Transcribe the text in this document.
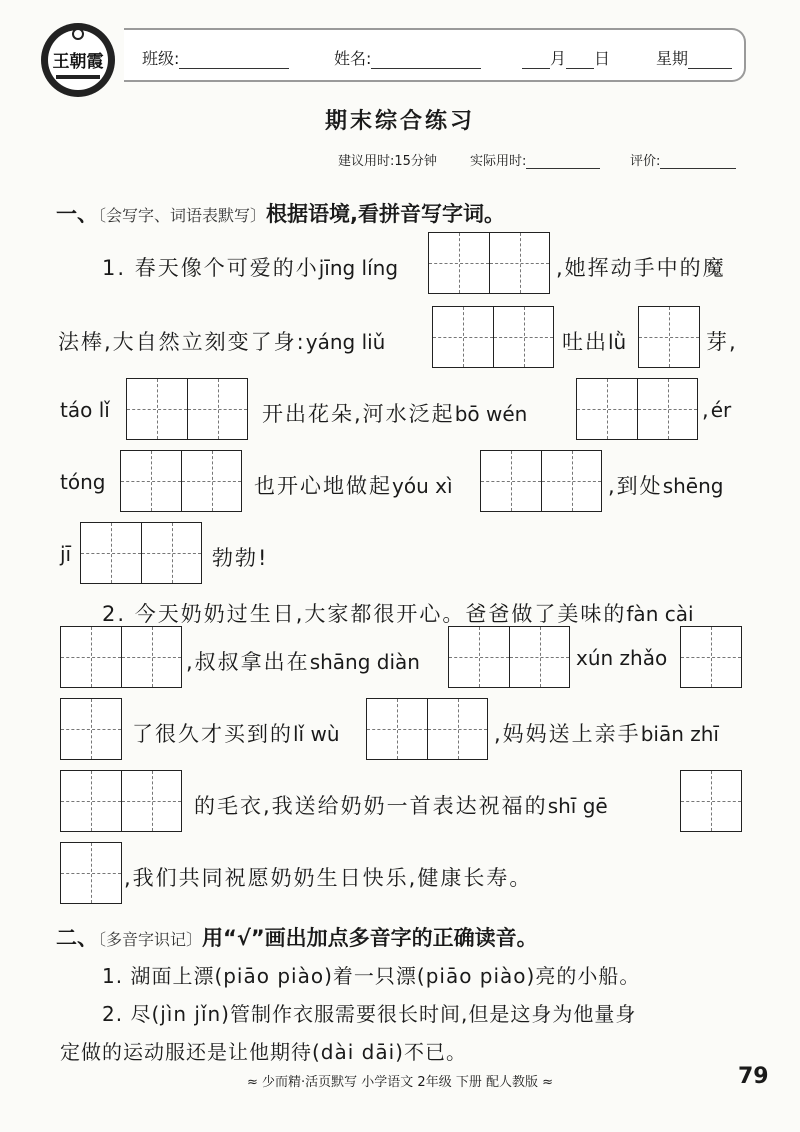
王朝霞 班级:	姓名:	月 日	星期
期末综合练习
建议用时:15分钟	实际用时:	评价:
一、〔会写字、词语表默写〕根据语境,看拼音写字词。
1. 春天像个可爱的小jīng líng	,她挥动手中的魔
法棒,大自然立刻变了身:yáng liǔ	吐出lǜ	芽,
táo lǐ	开出花朵,河水泛起bō wén	,ér
tóng	也开心地做起yóu xì	,到处shēng
jī	勃勃!
2. 今天奶奶过生日,大家都很开心。爸爸做了美味的fàn cài
,叔叔拿出在shāng diàn	xún zhǎo
了很久才买到的lǐ wù	,妈妈送上亲手biān zhī
的毛衣,我送给奶奶一首表达祝福的shī gē
,我们共同祝愿奶奶生日快乐,健康长寿。
二、〔多音字识记〕用“√”画出加点多音字的正确读音。
1. 湖面上漂(piāo piào)着一只漂(piāo piào)亮的小船。
2. 尽(jìn jǐn)管制作衣服需要很长时间,但是这身为他量身
定做的运动服还是让他期待(dài dāi)不已。
≈ 少而精·活页默写 小学语文 2年级 下册 配人教版 ≈	79
